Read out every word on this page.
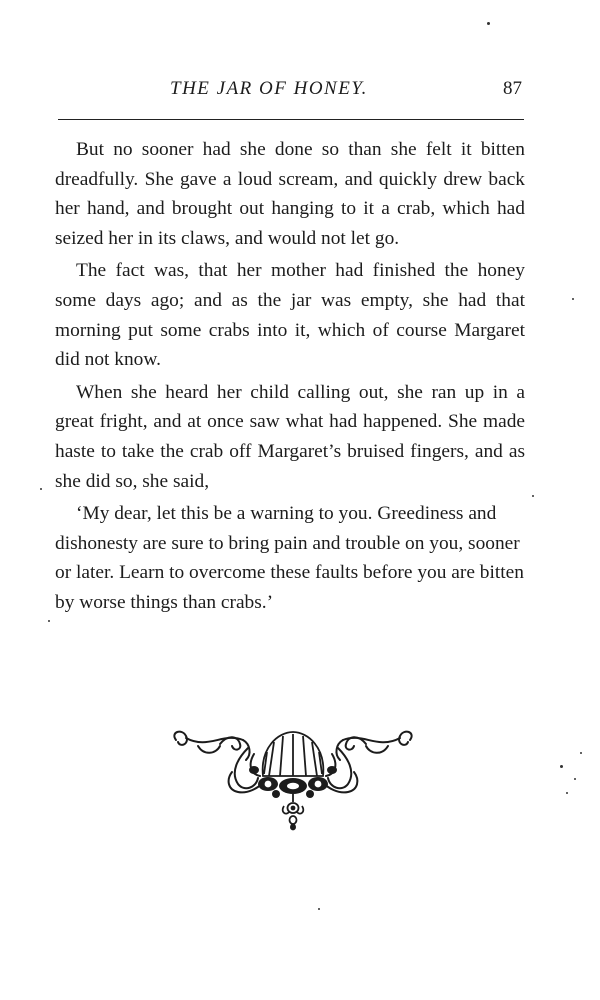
THE JAR OF HONEY.	87

But no sooner had she done so than she felt it bitten dreadfully. She gave a loud scream, and quickly drew back her hand, and brought out hanging to it a crab, which had seized her in its claws, and would not let go.

The fact was, that her mother had finished the honey some days ago; and as the jar was empty, she had that morning put some crabs into it, which of course Margaret did not know.

When she heard her child calling out, she ran up in a great fright, and at once saw what had happened. She made haste to take the crab off Margaret’s bruised fingers, and as she did so, she said,

‘My dear, let this be a warning to you. Greediness and dishonesty are sure to bring pain and trouble on you, sooner or later. Learn to overcome these faults before you are bitten by worse things than crabs.’
